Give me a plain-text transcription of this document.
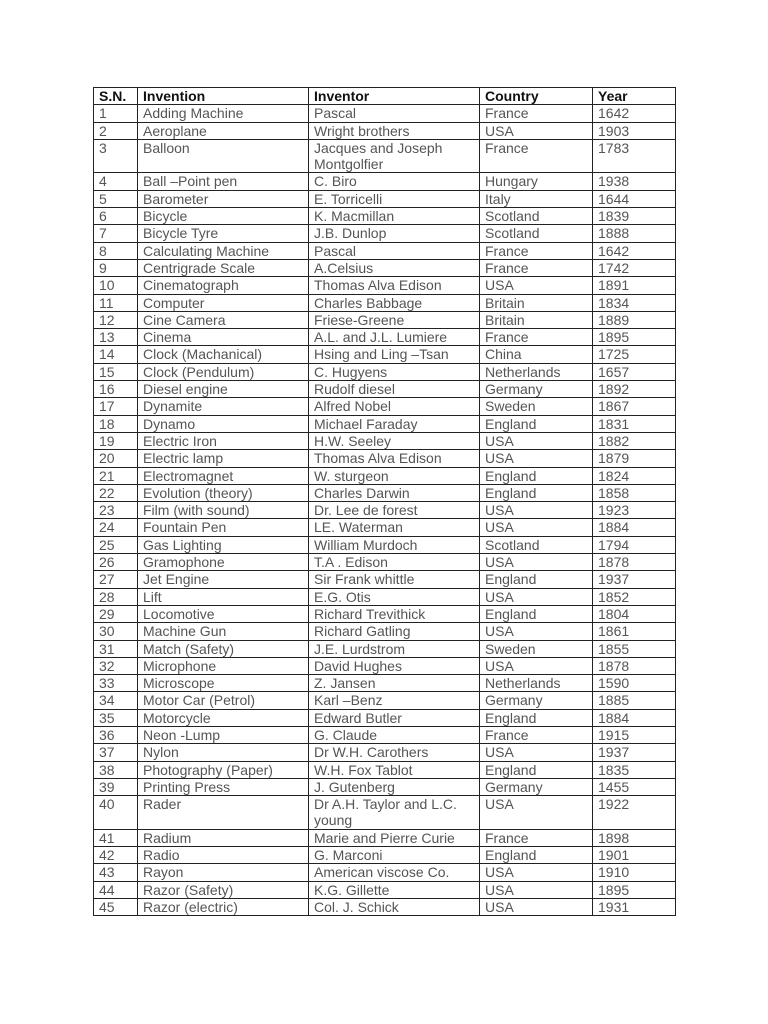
S.N.	Invention	Inventor	Country	Year
1	Adding Machine	Pascal	France	1642
2	Aeroplane	Wright brothers	USA	1903
3	Balloon	Jacques and Joseph Montgolfier	France	1783
4	Ball –Point pen	C. Biro	Hungary	1938
5	Barometer	E. Torricelli	Italy	1644
6	Bicycle	K. Macmillan	Scotland	1839
7	Bicycle Tyre	J.B. Dunlop	Scotland	1888
8	Calculating Machine	Pascal	France	1642
9	Centrigrade Scale	A.Celsius	France	1742
10	Cinematograph	Thomas Alva Edison	USA	1891
11	Computer	Charles Babbage	Britain	1834
12	Cine Camera	Friese-Greene	Britain	1889
13	Cinema	A.L. and J.L. Lumiere	France	1895
14	Clock (Machanical)	Hsing and Ling –Tsan	China	1725
15	Clock (Pendulum)	C. Hugyens	Netherlands	1657
16	Diesel engine	Rudolf diesel	Germany	1892
17	Dynamite	Alfred Nobel	Sweden	1867
18	Dynamo	Michael Faraday	England	1831
19	Electric Iron	H.W. Seeley	USA	1882
20	Electric lamp	Thomas Alva Edison	USA	1879
21	Electromagnet	W. sturgeon	England	1824
22	Evolution (theory)	Charles Darwin	England	1858
23	Film (with sound)	Dr. Lee de forest	USA	1923
24	Fountain Pen	LE. Waterman	USA	1884
25	Gas Lighting	William Murdoch	Scotland	1794
26	Gramophone	T.A . Edison	USA	1878
27	Jet Engine	Sir Frank whittle	England	1937
28	Lift	E.G. Otis	USA	1852
29	Locomotive	Richard Trevithick	England	1804
30	Machine Gun	Richard Gatling	USA	1861
31	Match (Safety)	J.E. Lurdstrom	Sweden	1855
32	Microphone	David Hughes	USA	1878
33	Microscope	Z. Jansen	Netherlands	1590
34	Motor Car (Petrol)	Karl –Benz	Germany	1885
35	Motorcycle	Edward Butler	England	1884
36	Neon -Lump	G. Claude	France	1915
37	Nylon	Dr W.H. Carothers	USA	1937
38	Photography (Paper)	W.H. Fox Tablot	England	1835
39	Printing Press	J. Gutenberg	Germany	1455
40	Rader	Dr A.H. Taylor and L.C. young	USA	1922
41	Radium	Marie and Pierre Curie	France	1898
42	Radio	G. Marconi	England	1901
43	Rayon	American viscose Co.	USA	1910
44	Razor (Safety)	K.G. Gillette	USA	1895
45	Razor (electric)	Col. J. Schick	USA	1931
